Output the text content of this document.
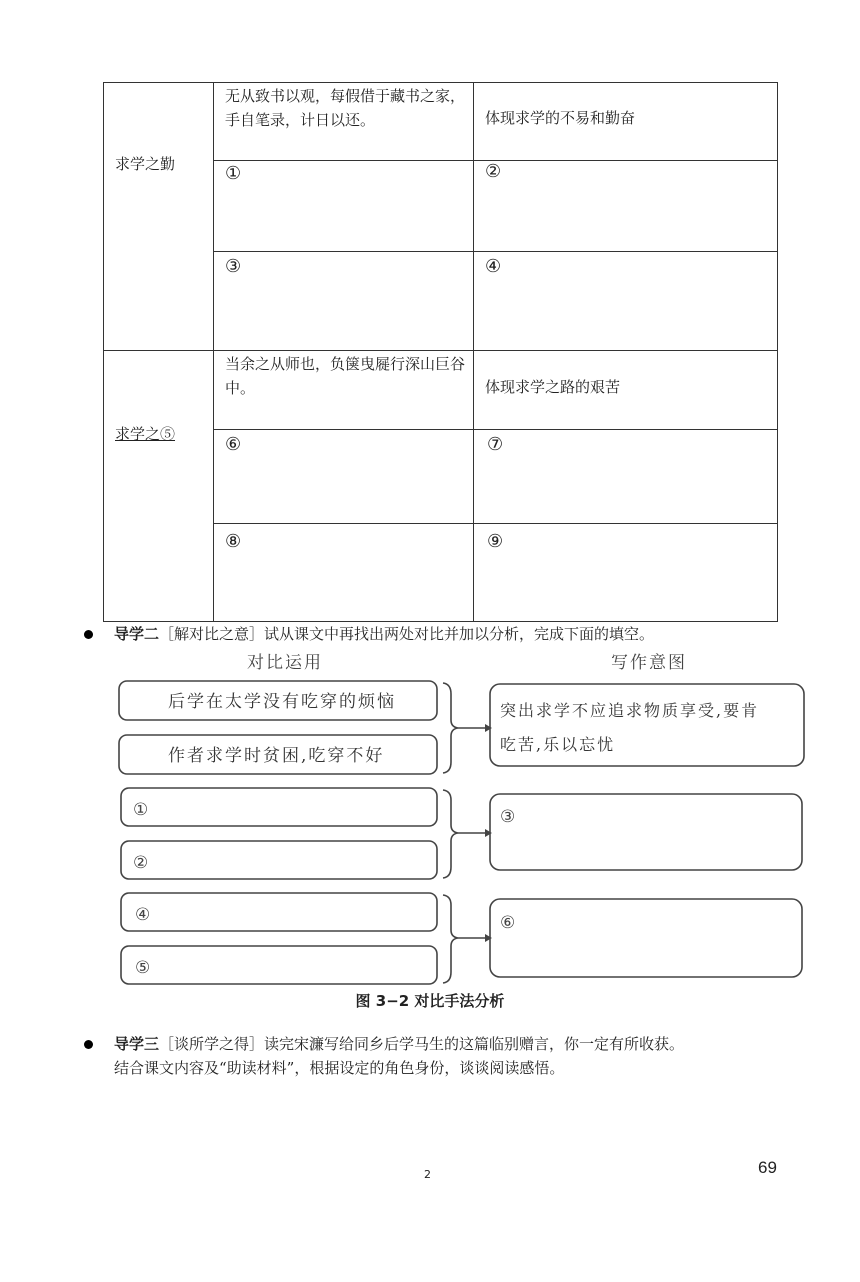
求学之勤
无从致书以观，每假借于藏书之家，手自笔录，计日以还。	体现求学的不易和勤奋
①	②
③	④
求学之⑤
当余之从师也，负箧曳屣行深山巨谷中。	体现求学之路的艰苦
⑥	⑦
⑧	⑨
导学二［解对比之意］试从课文中再找出两处对比并加以分析，完成下面的填空。
对比运用	写作意图
后学在太学没有吃穿的烦恼
作者求学时贫困,吃穿不好
突出求学不应追求物质享受,要肯
吃苦,乐以忘忧
①
②
③
④
⑤
⑥
图 3−2 对比手法分析
导学三［谈所学之得］读完宋濂写给同乡后学马生的这篇临别赠言，你一定有所收获。
结合课文内容及“助读材料”，根据设定的角色身份，谈谈阅读感悟。
2	69
